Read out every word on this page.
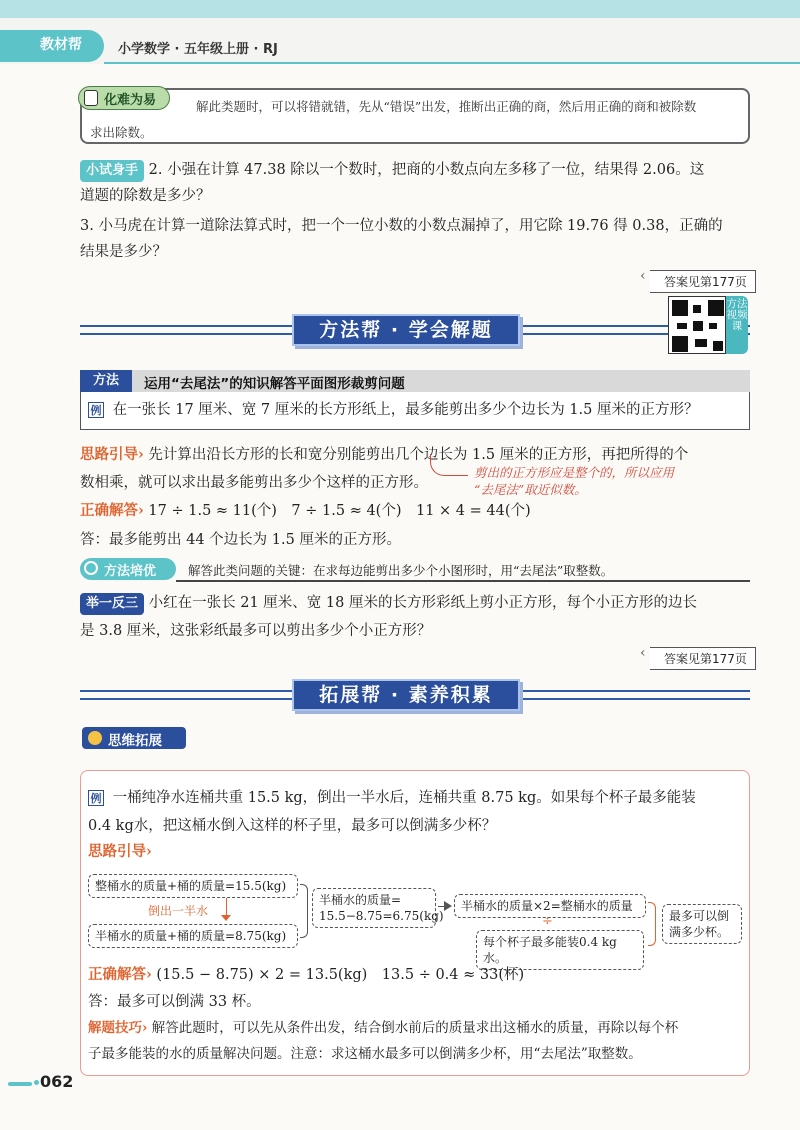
教材帮	小学数学 · 五年级上册 · RJ
化难为易	解此类题时，可以将错就错，先从“错误”出发，推断出正确的商，然后用正确的商和被除数
求出除数。
小试身手 2. 小强在计算 47.38 除以一个数时，把商的小数点向左多移了一位，结果得 2.06。这
道题的除数是多少？
3. 小马虎在计算一道除法算式时，把一个一位小数的小数点漏掉了，用它除 19.76 得 0.38，正确的
结果是多少？
‹	答案见第177页
方法帮 · 学会解题
方法视频课
方法	运用“去尾法”的知识解答平面图形裁剪问题
例 在一张长 17 厘米、宽 7 厘米的长方形纸上，最多能剪出多少个边长为 1.5 厘米的正方形？
思路引导› 先计算出沿长方形的长和宽分别能剪出几个边长为 1.5 厘米的正方形，再把所得的个
数相乘，就可以求出最多能剪出多少个这样的正方形。
剪出的正方形应是整个的，所以应用
“去尾法”取近似数。
正确解答› 17 ÷ 1.5 ≈ 11(个)　7 ÷ 1.5 ≈ 4(个)　11 × 4 = 44(个)
答：最多能剪出 44 个边长为 1.5 厘米的正方形。
方法培优	解答此类问题的关键：在求每边能剪出多少个小图形时，用“去尾法”取整数。
举一反三 小红在一张长 21 厘米、宽 18 厘米的长方形彩纸上剪小正方形，每个小正方形的边长
是 3.8 厘米，这张彩纸最多可以剪出多少个小正方形？
‹	答案见第177页
拓展帮 · 素养积累
思维拓展
例 一桶纯净水连桶共重 15.5 kg，倒出一半水后，连桶共重 8.75 kg。如果每个杯子最多能装
0.4 kg水，把这桶水倒入这样的杯子里，最多可以倒满多少杯？
思路引导›
整桶水的质量+桶的质量=15.5(kg)
倒出一半水
半桶水的质量+桶的质量=8.75(kg)
半桶水的质量=
15.5−8.75=6.75(kg)
半桶水的质量×2=整桶水的质量
÷
每个杯子最多能装0.4 kg水。
最多可以倒
满多少杯。
正确解答› (15.5 − 8.75) × 2 = 13.5(kg)　13.5 ÷ 0.4 ≈ 33(杯)
答：最多可以倒满 33 杯。
解题技巧› 解答此题时，可以先从条件出发，结合倒水前后的质量求出这桶水的质量，再除以每个杯
子最多能装的水的质量解决问题。注意：求这桶水最多可以倒满多少杯，用“去尾法”取整数。
062
